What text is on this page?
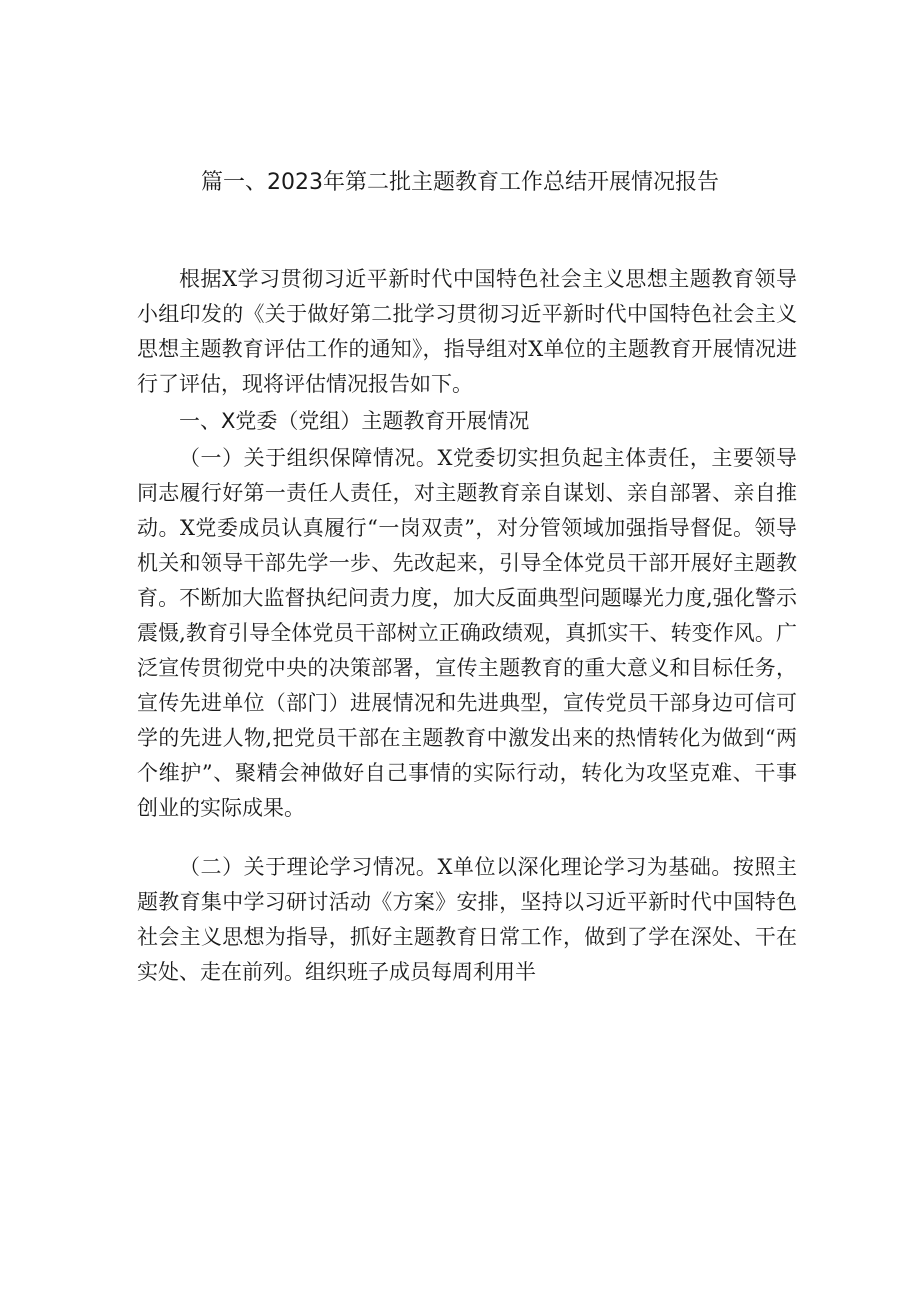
篇一、2023年第二批主题教育工作总结开展情况报告

根据X学习贯彻习近平新时代中国特色社会主义思想主题教育领导小组印发的《关于做好第二批学习贯彻习近平新时代中国特色社会主义思想主题教育评估工作的通知》，指导组对X单位的主题教育开展情况进行了评估，现将评估情况报告如下。

一、X党委（党组）主题教育开展情况

（一）关于组织保障情况。X党委切实担负起主体责任，主要领导同志履行好第一责任人责任，对主题教育亲自谋划、亲自部署、亲自推动。X党委成员认真履行“一岗双责”，对分管领域加强指导督促。领导机关和领导干部先学一步、先改起来，引导全体党员干部开展好主题教育。不断加大监督执纪问责力度，加大反面典型问题曝光力度,强化警示震慑,教育引导全体党员干部树立正确政绩观，真抓实干、转变作风。广泛宣传贯彻党中央的决策部署，宣传主题教育的重大意义和目标任务，宣传先进单位（部门）进展情况和先进典型，宣传党员干部身边可信可学的先进人物,把党员干部在主题教育中激发出来的热情转化为做到“两个维护”、聚精会神做好自己事情的实际行动，转化为攻坚克难、干事创业的实际成果。

（二）关于理论学习情况。X单位以深化理论学习为基础。按照主题教育集中学习研讨活动《方案》安排，坚持以习近平新时代中国特色社会主义思想为指导，抓好主题教育日常工作，做到了学在深处、干在实处、走在前列。组织班子成员每周利用半
